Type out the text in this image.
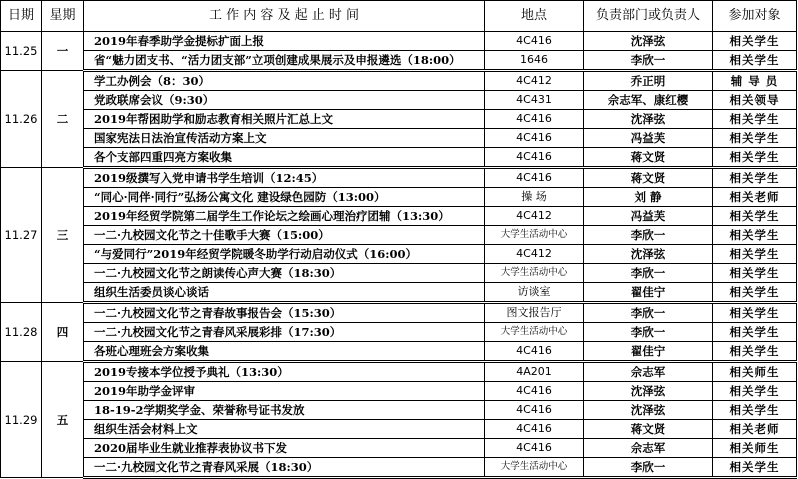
日期	星期	工 作 内 容 及 起 止 时 间	地点	负责部门或负责人	参加对象
11.25	一	2019年春季助学金提标扩面上报	4C416	沈泽弦	相关学生
		省“魅力团支书、“活力团支部”立项创建成果展示及申报遴选（18:00）	1646	李欣一	相关学生
11.26	二	学工办例会（8：30）	4C412	乔正明	辅 导 员
		党政联席会议（9:30）	4C431	佘志军、康红樱	相关领导
		2019年帮困助学和励志教育相关照片汇总上文	4C416	沈泽弦	相关学生
		国家宪法日法治宣传活动方案上文	4C416	冯益芙	相关学生
		各个支部四重四亮方案收集	4C416	蒋文贤	相关学生
11.27	三	2019级撰写入党申请书学生培训（12:45）	4C416	蒋文贤	相关学生
		“同心·同伴·同行”弘扬公寓文化 建设绿色园防（13:00）	操 场	刘 静	相关老师
		2019年经贸学院第二届学生工作论坛之绘画心理治疗团辅（13:30）	4C412	冯益芙	相关学生
		一二·九校园文化节之十佳歌手大赛（15:00）	大学生活动中心	李欣一	相关学生
		“与爱同行”2019年经贸学院暖冬助学行动启动仪式（16:00）	4C412	沈泽弦	相关学生
		一二·九校园文化节之朗读传心声大赛（18:30）	大学生活动中心	李欣一	相关学生
		组织生活委员谈心谈话	访谈室	翟佳宁	相关学生
11.28	四	一二·九校园文化节之青春故事报告会（15:30）	图文报告厅	李欣一	相关学生
		一二·九校园文化节之青春风采展彩排（17:30）	大学生活动中心	李欣一	相关学生
		各班心理班会方案收集	4C416	翟佳宁	相关学生
11.29	五	2019专接本学位授予典礼（13:30）	4A201	佘志军	相关师生
		2019年助学金评审	4C416	沈泽弦	相关学生
		18-19-2学期奖学金、荣誉称号证书发放	4C416	沈泽弦	相关学生
		组织生活会材料上文	4C416	蒋文贤	相关老师
		2020届毕业生就业推荐表协议书下发	4C416	佘志军	相关师生
		一二·九校园文化节之青春风采展（18:30）	大学生活动中心	李欣一	相关学生
